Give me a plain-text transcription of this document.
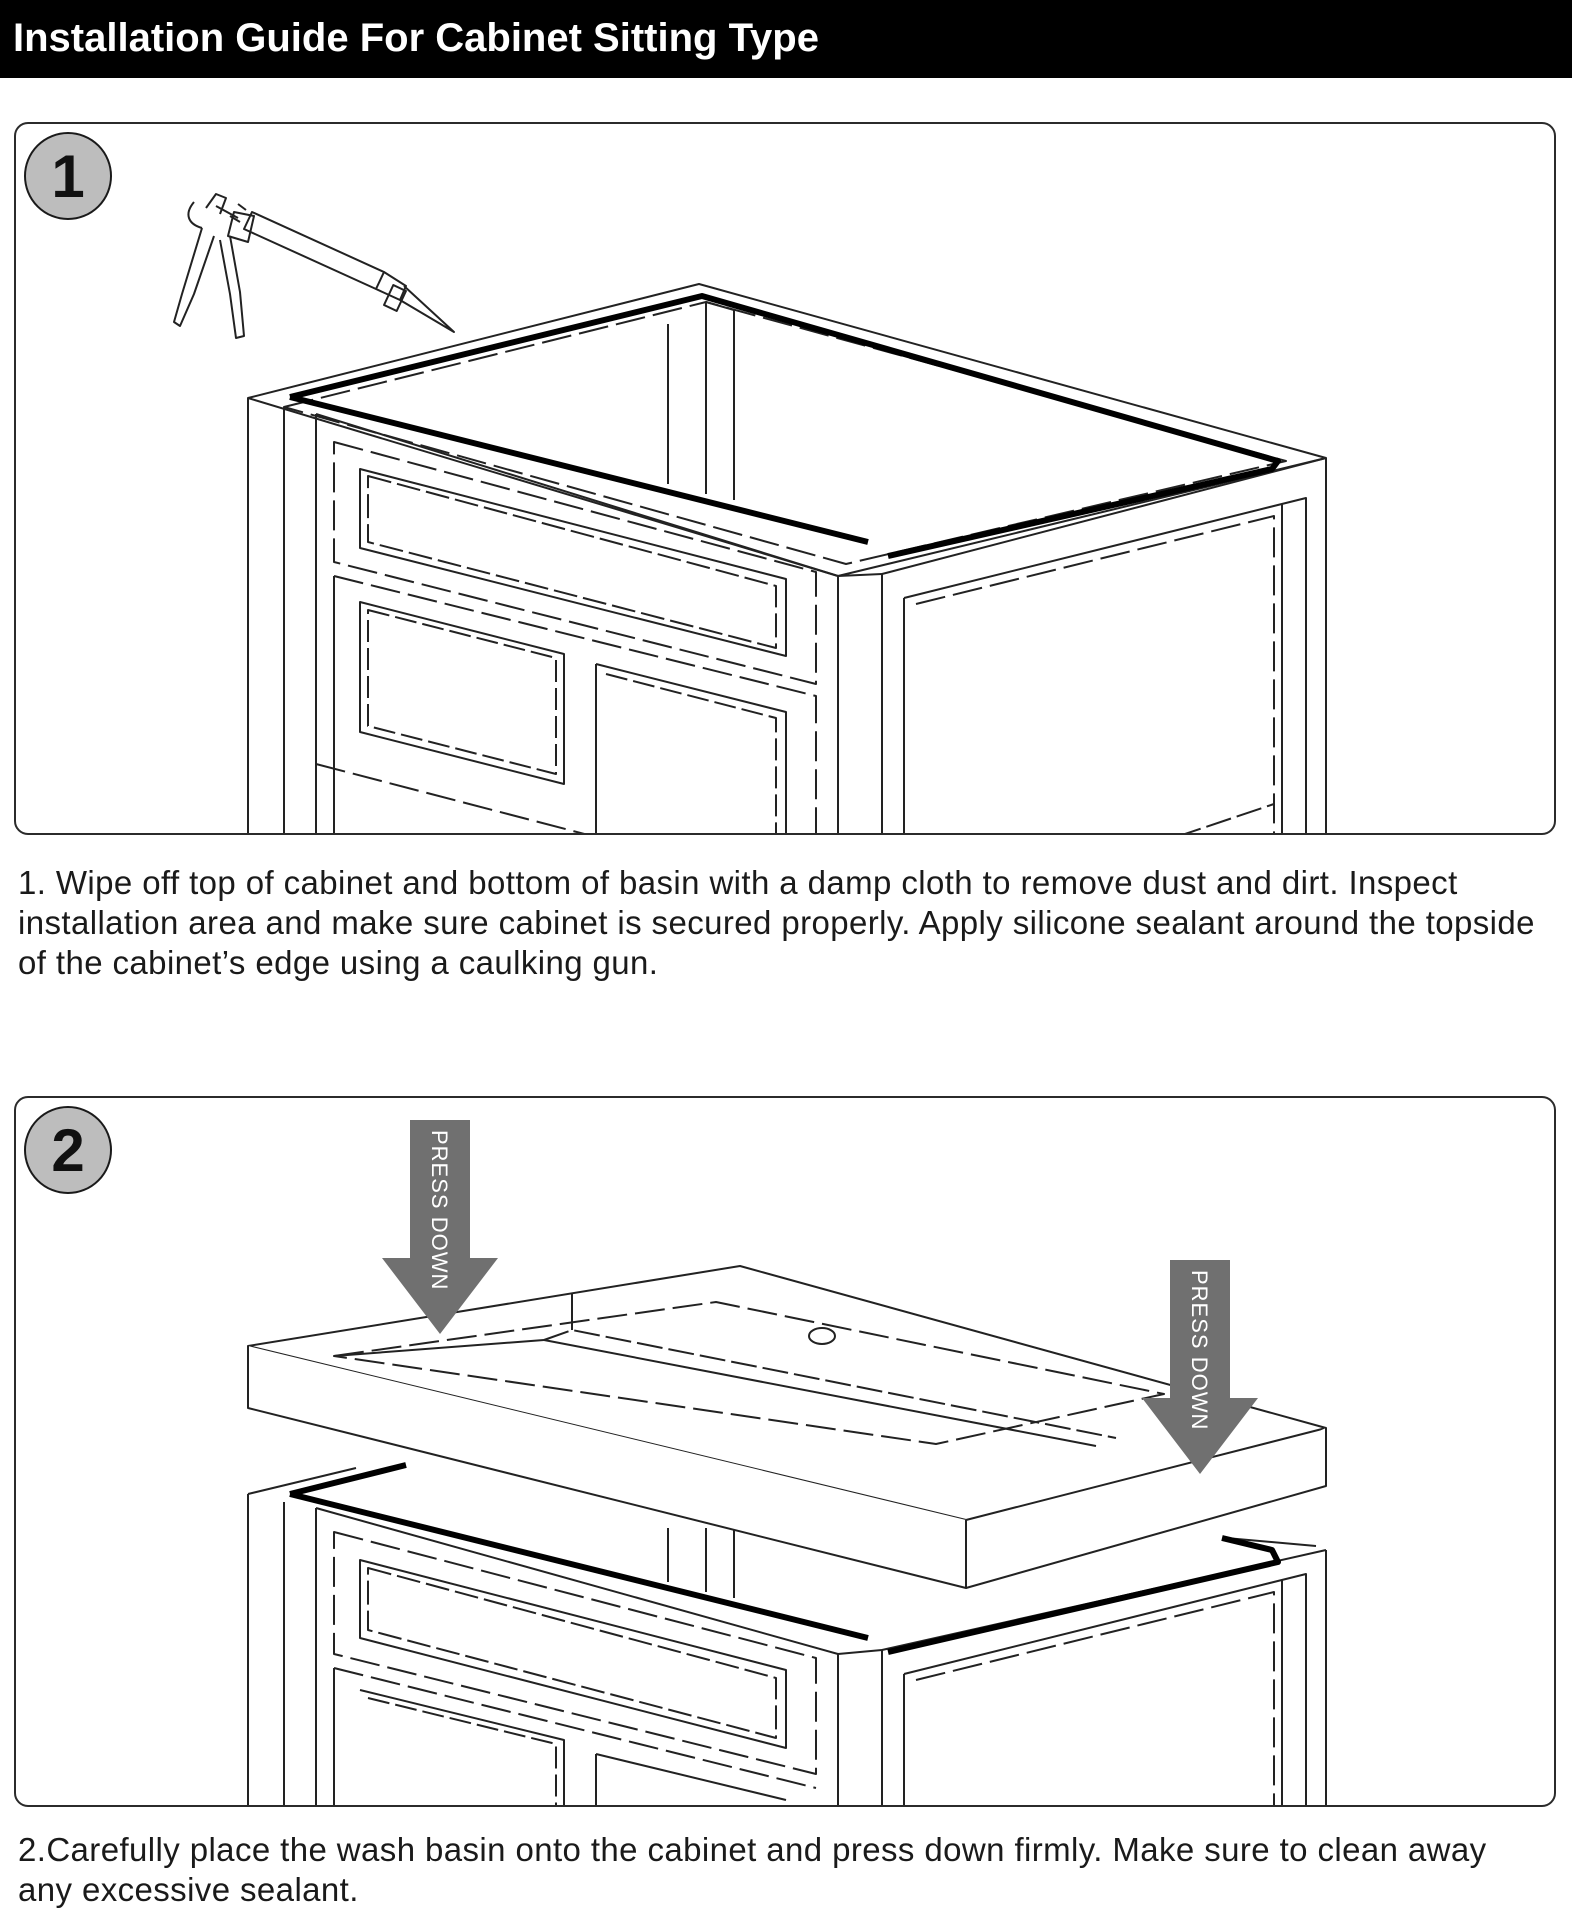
Installation Guide For Cabinet Sitting Type
1
1. Wipe off top of cabinet and bottom of basin with a damp cloth to remove dust and dirt. Inspect installation area and make sure cabinet is secured properly. Apply silicone sealant around the topside of the cabinet’s edge using a caulking gun.
PRESS DOWN
PRESS DOWN
2
2.Carefully place the wash basin onto the cabinet and press down firmly. Make sure to clean away any excessive sealant.
